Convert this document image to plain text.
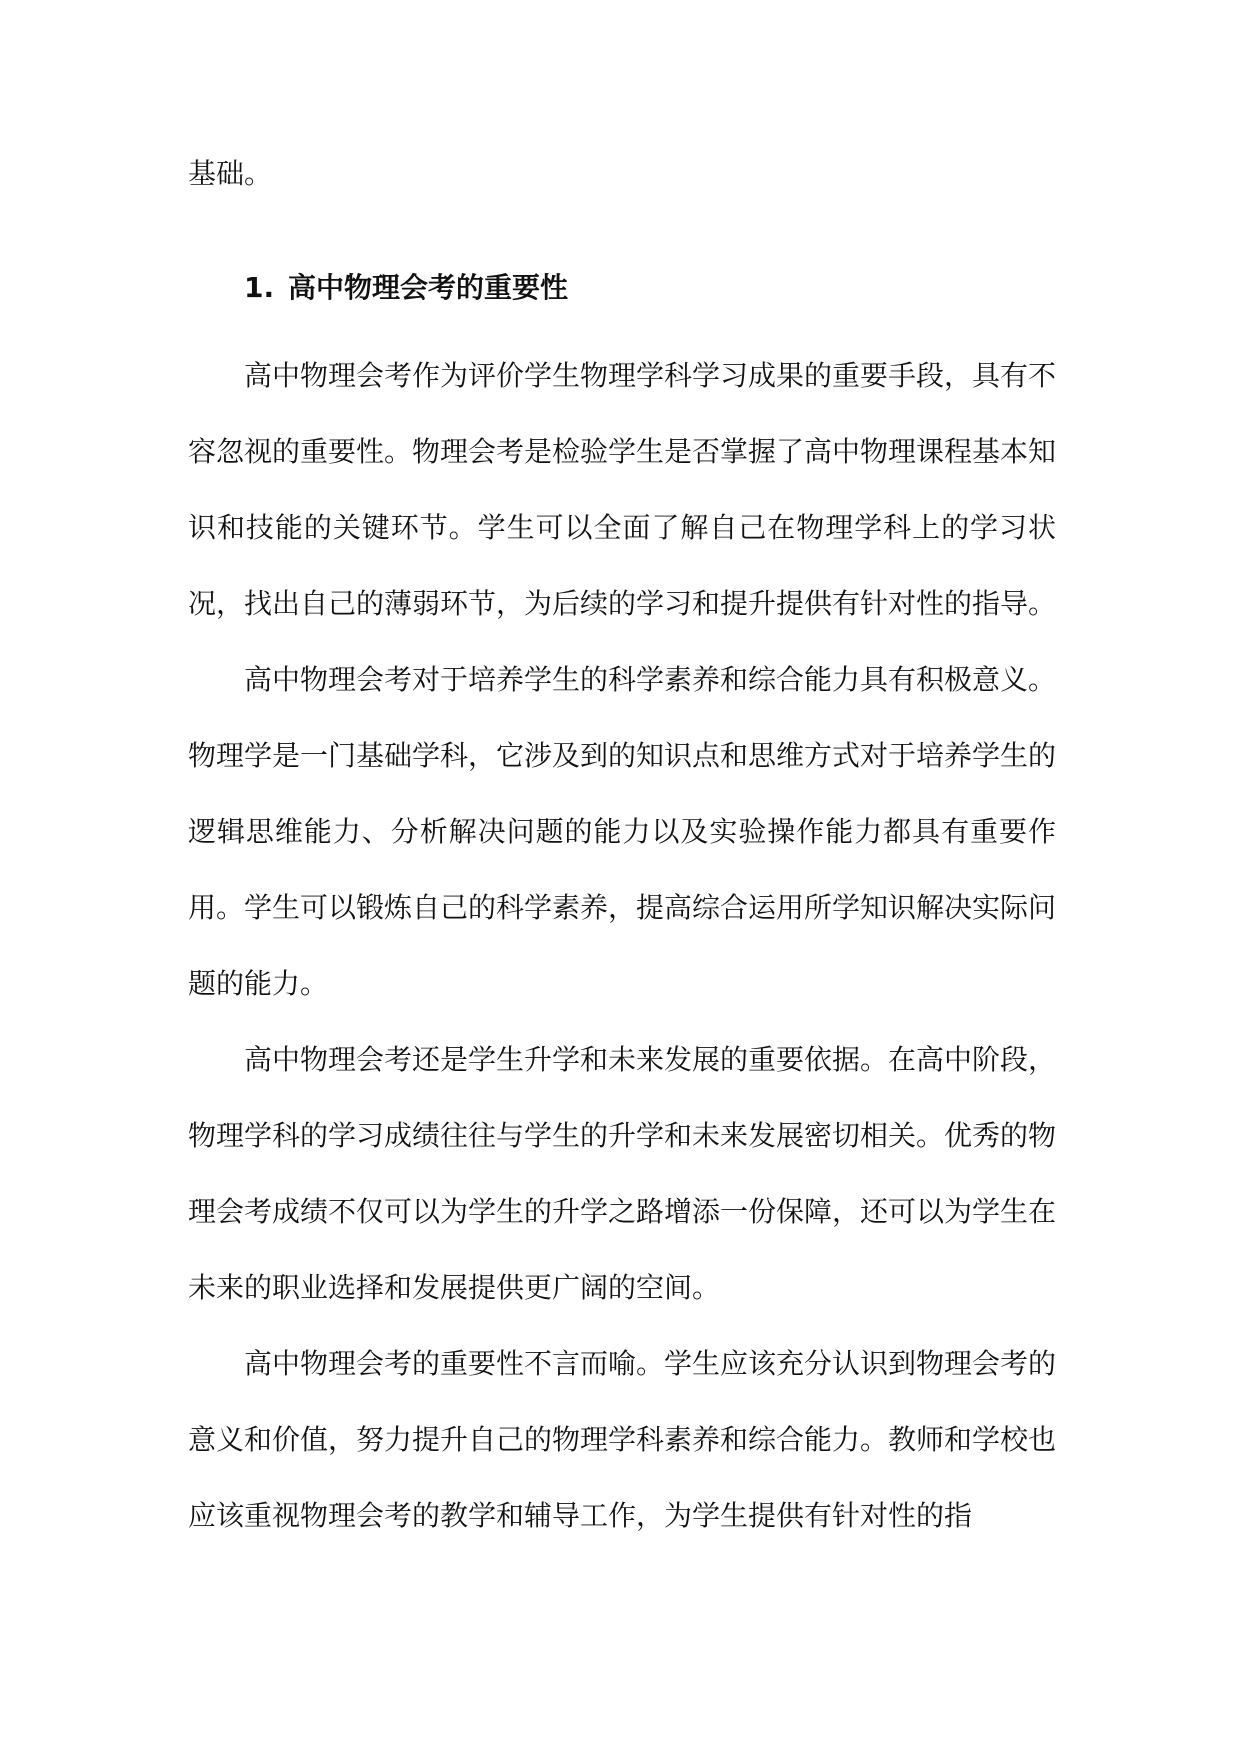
基础。

1. 高中物理会考的重要性

高中物理会考作为评价学生物理学科学习成果的重要手段，具有不容忽视的重要性。物理会考是检验学生是否掌握了高中物理课程基本知识和技能的关键环节。学生可以全面了解自己在物理学科上的学习状况，找出自己的薄弱环节，为后续的学习和提升提供有针对性的指导。

高中物理会考对于培养学生的科学素养和综合能力具有积极意义。物理学是一门基础学科，它涉及到的知识点和思维方式对于培养学生的逻辑思维能力、分析解决问题的能力以及实验操作能力都具有重要作用。学生可以锻炼自己的科学素养，提高综合运用所学知识解决实际问题的能力。

高中物理会考还是学生升学和未来发展的重要依据。在高中阶段，物理学科的学习成绩往往与学生的升学和未来发展密切相关。优秀的物理会考成绩不仅可以为学生的升学之路增添一份保障，还可以为学生在未来的职业选择和发展提供更广阔的空间。

高中物理会考的重要性不言而喻。学生应该充分认识到物理会考的意义和价值，努力提升自己的物理学科素养和综合能力。教师和学校也应该重视物理会考的教学和辅导工作，为学生提供有针对性的指
